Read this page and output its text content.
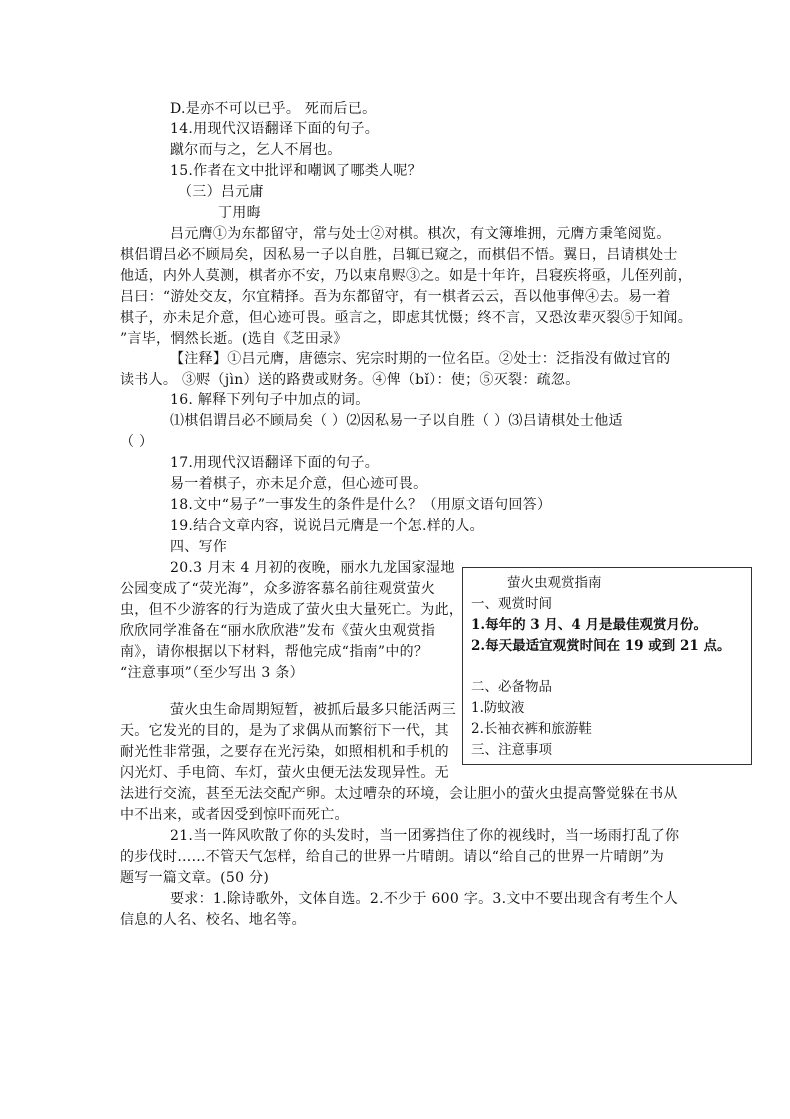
D.是亦不可以已乎。 死而后已。
14.用现代汉语翻译下面的句子。
蹴尔而与之，乞人不屑也。
15.作者在文中批评和嘲讽了哪类人呢？
（三）吕元庸
丁用晦
吕元膺①为东都留守，常与处士②对棋。棋次，有文簿堆拥，元膺方秉笔阅览。
棋侣谓吕必不顾局矣，因私易一子以自胜，吕辄已窥之，而棋侣不悟。翼日，吕请棋处士
他适，内外人莫测，棋者亦不安，乃以束帛赆③之。如是十年许，吕寝疾将亟，儿侄列前，
吕曰：“游处交友，尔宜精择。吾为东都留守，有一棋者云云，吾以他事俾④去。易一着
棋子，亦未足介意，但心迹可畏。亟言之，即虑其忧慑；终不言，又恐汝辈灭裂⑤于知闻。
”言毕，惘然长逝。(选自《芝田录》
【注释】①吕元膺，唐德宗、宪宗时期的一位名臣。②处士：泛指没有做过官的
读书人。 ③赆（jìn）送的路费或财务。④俾（bǐ）：使；⑤灭裂：疏忽。
16. 解释下列句子中加点的词。
⑴棋侣谓吕必不顾局矣（ ）⑵因私易一子以自胜（ ）⑶吕请棋处士他适
（ ）
17.用现代汉语翻译下面的句子。
易一着棋子，亦未足介意，但心迹可畏。
18.文中“易子”一事发生的条件是什么？（用原文语句回答）
19.结合文章内容，说说吕元膺是一个怎.样的人。
四、写作
20.3 月末 4 月初的夜晚，丽水九龙国家湿地
公园变成了“荧光海”，众多游客慕名前往观赏萤火
虫，但不少游客的行为造成了萤火虫大量死亡。为此，
欣欣同学准备在“丽水欣欣港”发布《萤火虫观赏指
南》，请你根据以下材料，帮他完成“指南”中的？
“注意事项”（至少写出 3 条）
萤火虫生命周期短暂，被抓后最多只能活两三
天。它发光的目的，是为了求偶从而繁衍下一代，其
耐光性非常强，之要存在光污染，如照相机和手机的
闪光灯、手电筒、车灯，萤火虫便无法发现异性。无
法进行交流，甚至无法交配产卵。太过嘈杂的环境，会让胆小的萤火虫提高警觉躲在书从
中不出来，或者因受到惊吓而死亡。
21.当一阵风吹散了你的头发时，当一团雾挡住了你的视线时，当一场雨打乱了你
的步伐时……不管天气怎样，给自己的世界一片晴朗。请以“给自己的世界一片晴朗”为
题写一篇文章。(50 分)
要求：1.除诗歌外，文体自选。2.不少于 600 字。3.文中不要出现含有考生个人
信息的人名、校名、地名等。
萤火虫观赏指南
一、观赏时间
1.每年的 3 月、4 月是最佳观赏月份。
2.每天最适宜观赏时间在 19 或到 21 点。
二、必备物品
1.防蚊液
2.长袖衣裤和旅游鞋
三、注意事项
